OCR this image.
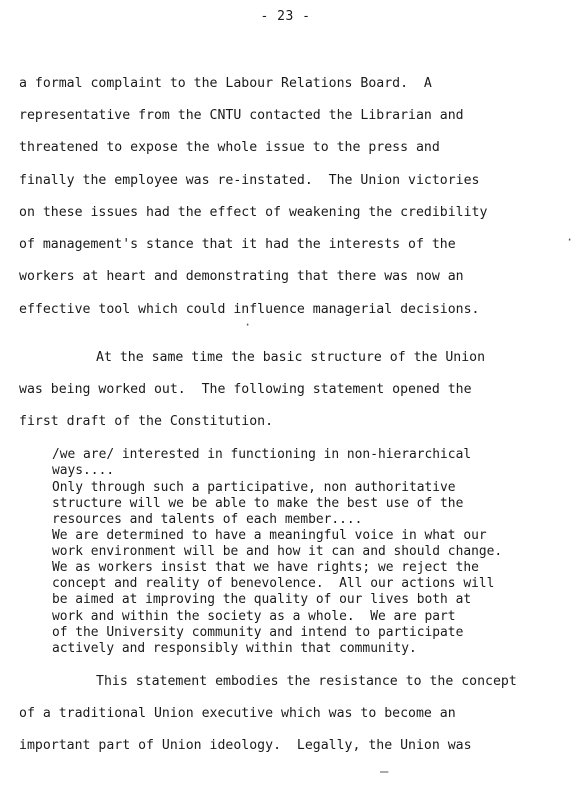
- 23 -
a formal complaint to the Labour Relations Board.  A
representative from the CNTU contacted the Librarian and
threatened to expose the whole issue to the press and
finally the employee was re-instated.  The Union victories
on these issues had the effect of weakening the credibility
of management's stance that it had the interests of the
workers at heart and demonstrating that there was now an
effective tool which could influence managerial decisions.
At the same time the basic structure of the Union
was being worked out.  The following statement opened the
first draft of the Constitution.
/we are/ interested in functioning in non-hierarchical
ways....
Only through such a participative, non authoritative
structure will we be able to make the best use of the
resources and talents of each member....
We are determined to have a meaningful voice in what our
work environment will be and how it can and should change.
We as workers insist that we have rights; we reject the
concept and reality of benevolence.  All our actions will
be aimed at improving the quality of our lives both at
work and within the society as a whole.  We are part
of the University community and intend to participate
actively and responsibly within that community.
This statement embodies the resistance to the concept
of a traditional Union executive which was to become an
important part of Union ideology.  Legally, the Union was
·
·
—
